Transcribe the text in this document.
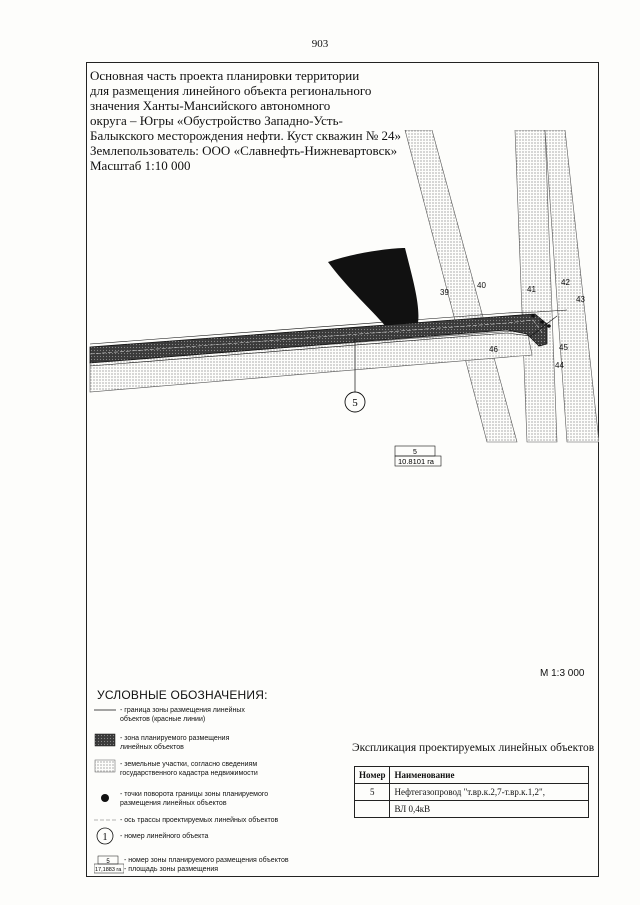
903
Основная часть проекта планировки территории
для размещения линейного объекта регионального
значения Ханты-Мансийского автономного
округа – Югры «Обустройство Западно-Усть-
Балыкского месторождения нефти. Куст скважин № 24»
Землепользователь: ООО «Славнефть-Нижневартовск»
Масштаб 1:10 000
5
39
40	41
42
43
45
44
46
5
10.8101 га
М 1:3 000
УСЛОВНЫЕ ОБОЗНАЧЕНИЯ:
1
- граница зоны размещения линейных объектов (красные линии)
- зона планируемого размещения линейных объектов
- земельные участки, согласно сведениям государственного кадастра недвижимости
- точки поворота границы зоны планируемого размещения линейных объектов
- ось трассы проектируемых линейных объектов
- номер линейного объекта
5
17,1883 га
- номер зоны планируемого размещения объектов
- площадь зоны размещения
Экспликация проектируемых линейных объектов
Номер	Наименование
5	Нефтегазопровод "т.вр.к.2,7-т.вр.к.1,2",
	ВЛ 0,4кВ
